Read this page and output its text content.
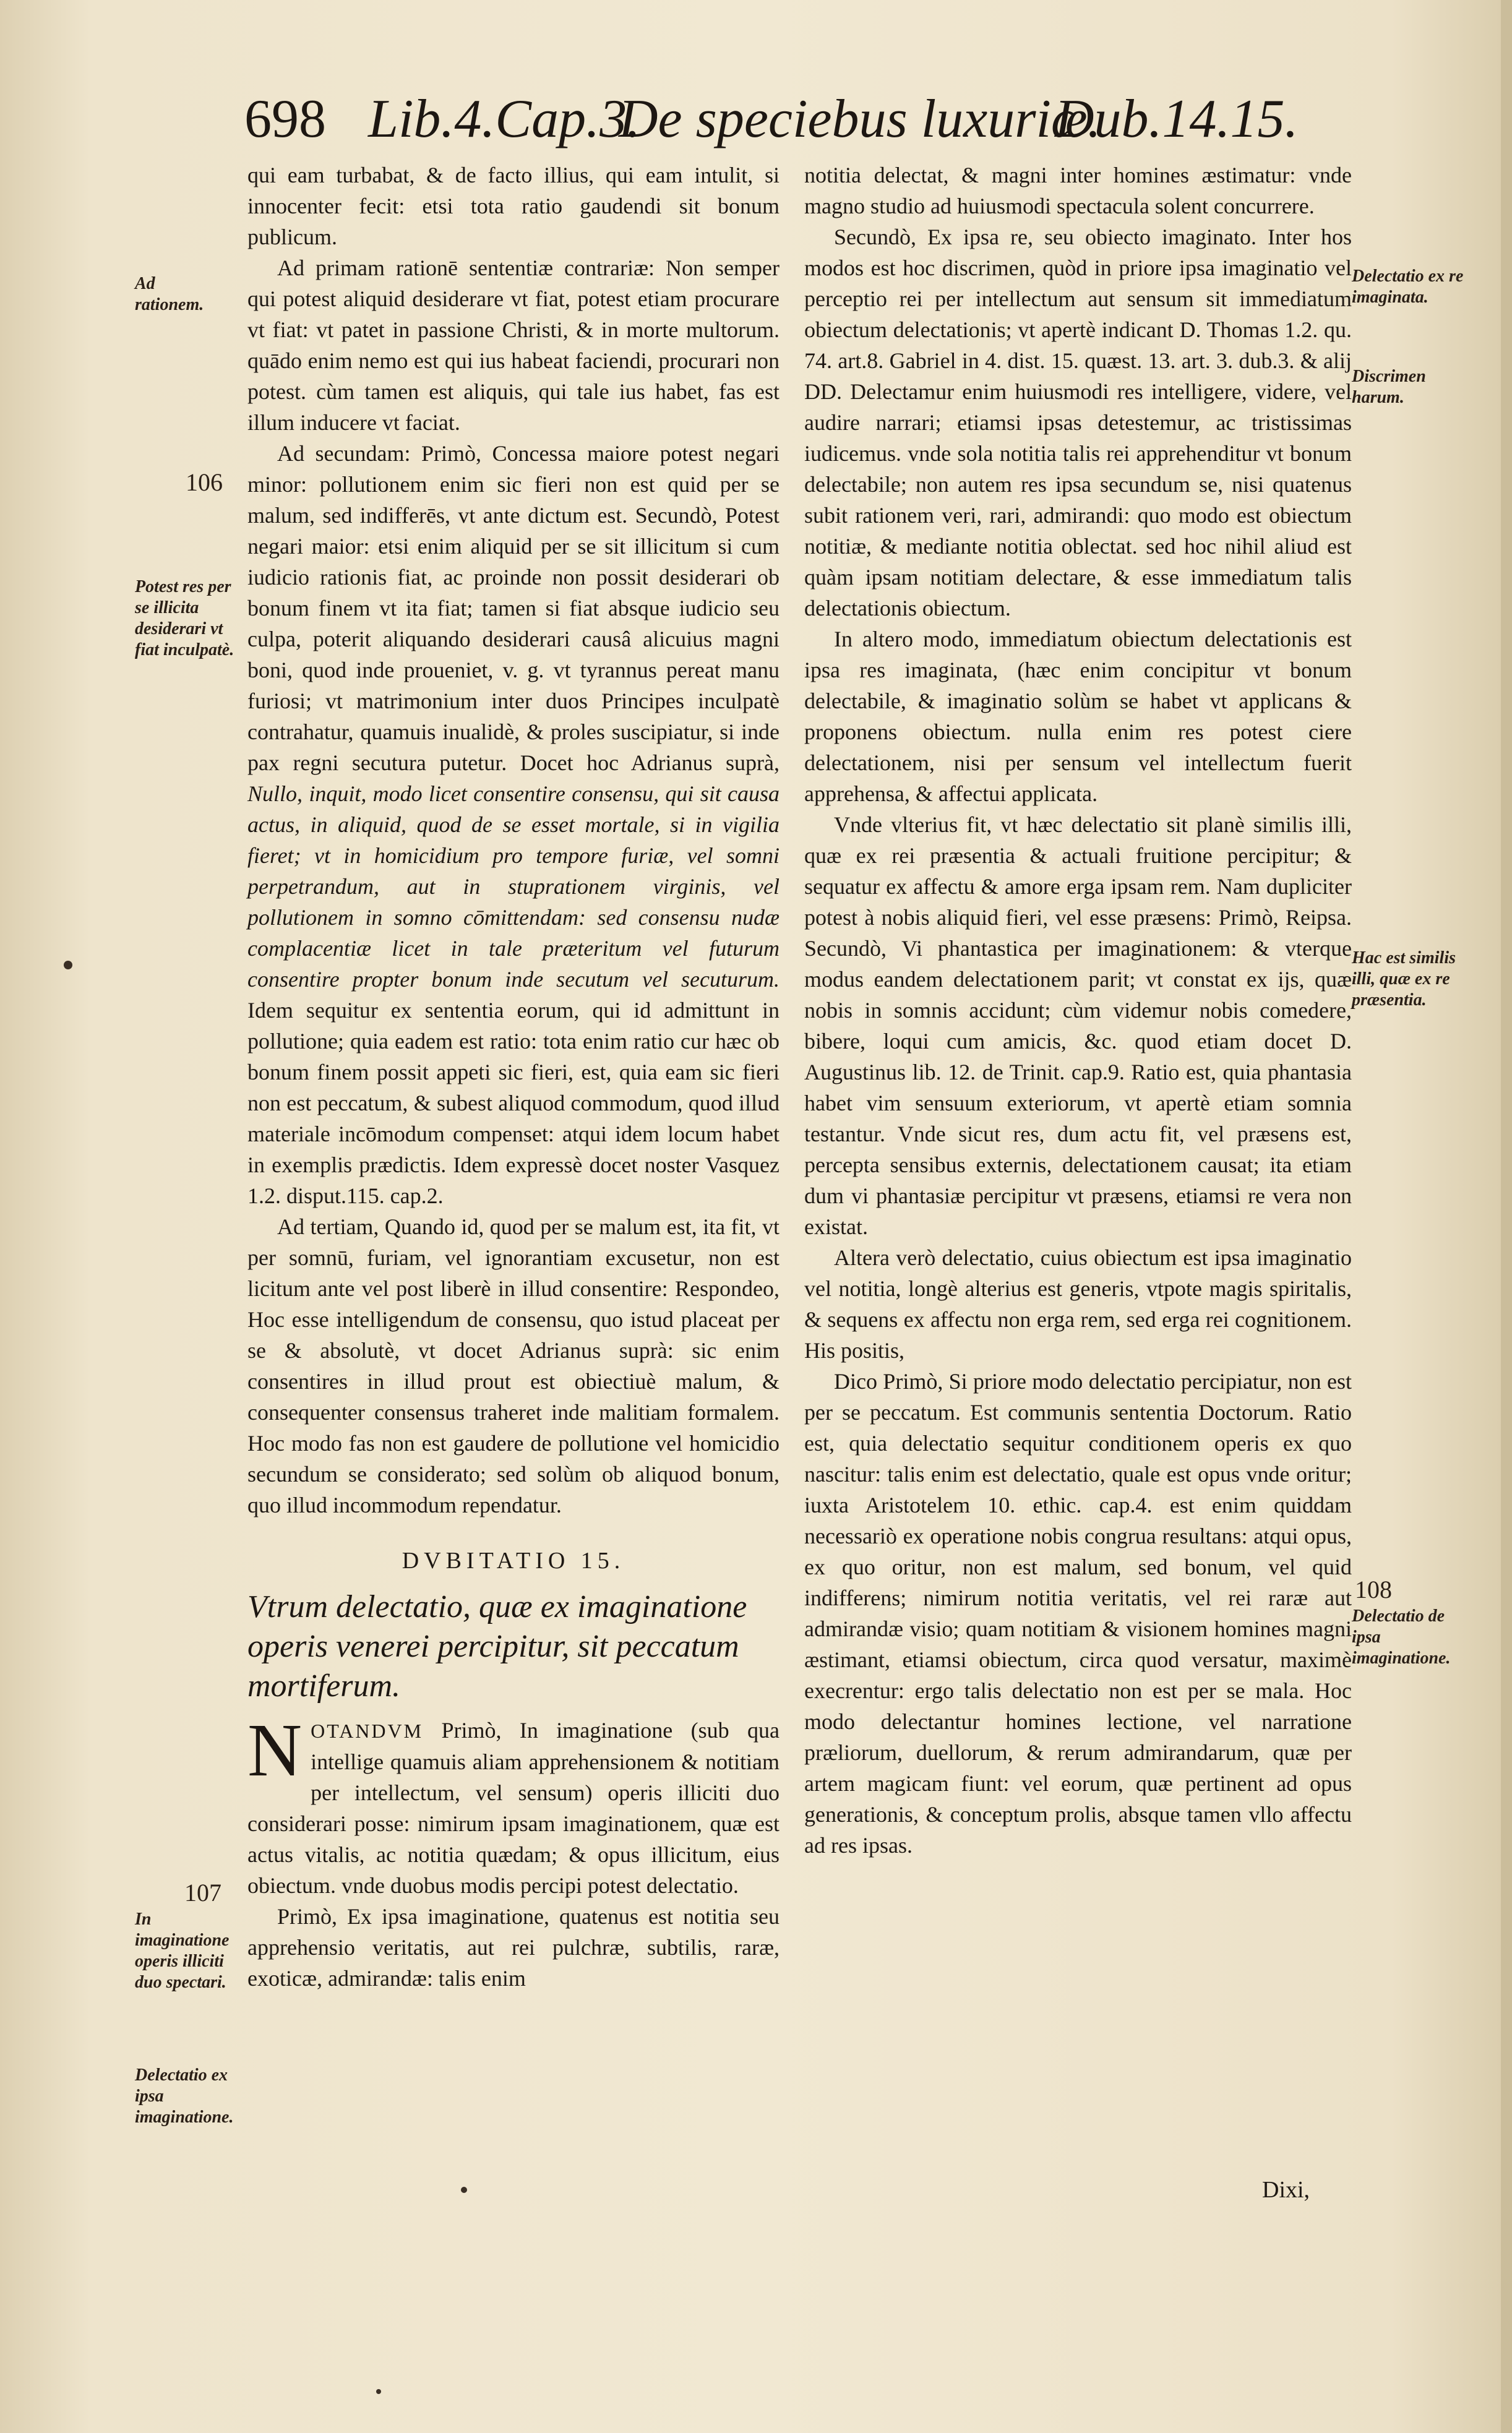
698 Lib.4.Cap.3.
De speciebus luxuriæ.
Dub.14.15.
Ad rationem.
106
Potest res per se illicita desiderari vt fiat inculpatè.
107
In imaginatione operis illiciti duo spectari.
Delectatio ex ipsa imaginatione.
Delectatio ex re imaginata.
Discrimen harum.
Hac est similis illi, quæ ex re præsentia.
108
Delectatio de ipsa imaginatione.

qui eam turbabat, & de facto illius, qui eam intulit, si innocenter fecit: etsi tota ratio gaudendi sit bonum publicum.

Ad primam rationē sententiæ contrariæ: Non semper qui potest aliquid desiderare vt fiat, potest etiam procurare vt fiat: vt patet in passione Christi, & in morte multorum. quādo enim nemo est qui ius habeat faciendi, procurari non potest. cùm tamen est aliquis, qui tale ius habet, fas est illum inducere vt faciat.

Ad secundam: Primò, Concessa maiore potest negari minor: pollutionem enim sic fieri non est quid per se malum, sed indifferēs, vt ante dictum est. Secundò, Potest negari maior: etsi enim aliquid per se sit illicitum si cum iudicio rationis fiat, ac proinde non possit desiderari ob bonum finem vt ita fiat; tamen si fiat absque iudicio seu culpa, poterit aliquando desiderari causâ alicuius magni boni, quod inde proueniet, v. g. vt tyrannus pereat manu furiosi; vt matrimonium inter duos Principes inculpatè contrahatur, quamuis inualidè, & proles suscipiatur, si inde pax regni secutura putetur. Docet hoc Adrianus suprà, Nullo, inquit, modo licet consentire consensu, qui sit causa actus, in aliquid, quod de se esset mortale, si in vigilia fieret; vt in homicidium pro tempore furiæ, vel somni perpetrandum, aut in stuprationem virginis, vel pollutionem in somno cōmittendam: sed consensu nudæ complacentiæ licet in tale præteritum vel futurum consentire propter bonum inde secutum vel secuturum. Idem sequitur ex sententia eorum, qui id admittunt in pollutione; quia eadem est ratio: tota enim ratio cur hæc ob bonum finem possit appeti sic fieri, est, quia eam sic fieri non est peccatum, & subest aliquod commodum, quod illud materiale incōmodum compenset: atqui idem locum habet in exemplis prædictis. Idem expressè docet noster Vasquez 1.2. disput.115. cap.2.

Ad tertiam, Quando id, quod per se malum est, ita fit, vt per somnū, furiam, vel ignorantiam excusetur, non est licitum ante vel post liberè in illud consentire: Respondeo, Hoc esse intelligendum de consensu, quo istud placeat per se & absolutè, vt docet Adrianus suprà: sic enim consentires in illud prout est obiectiuè malum, & consequenter consensus traheret inde malitiam formalem. Hoc modo fas non est gaudere de pollutione vel homicidio secundum se considerato; sed solùm ob aliquod bonum, quo illud incommodum rependatur.

DVBITATIO 15.

Vtrum delectatio, quæ ex imaginatione operis venerei percipitur, sit peccatum mortiferum.

NOTANDVM Primò, In imaginatione (sub qua intellige quamuis aliam apprehensionem & notitiam per intellectum, vel sensum) operis illiciti duo considerari posse: nimirum ipsam imaginationem, quæ est actus vitalis, ac notitia quædam; & opus illicitum, eius obiectum. vnde duobus modis percipi potest delectatio.

Primò, Ex ipsa imaginatione, quatenus est notitia seu apprehensio veritatis, aut rei pulchræ, subtilis, raræ, exoticæ, admirandæ: talis enim

notitia delectat, & magni inter homines æstimatur: vnde magno studio ad huiusmodi spectacula solent concurrere.

Secundò, Ex ipsa re, seu obiecto imaginato. Inter hos modos est hoc discrimen, quòd in priore ipsa imaginatio vel perceptio rei per intellectum aut sensum sit immediatum obiectum delectationis; vt apertè indicant D. Thomas 1.2. qu. 74. art.8. Gabriel in 4. dist. 15. quæst. 13. art. 3. dub.3. & alij DD. Delectamur enim huiusmodi res intelligere, videre, vel audire narrari; etiamsi ipsas detestemur, ac tristissimas iudicemus. vnde sola notitia talis rei apprehenditur vt bonum delectabile; non autem res ipsa secundum se, nisi quatenus subit rationem veri, rari, admirandi: quo modo est obiectum notitiæ, & mediante notitia oblectat. sed hoc nihil aliud est quàm ipsam notitiam delectare, & esse immediatum talis delectationis obiectum.

In altero modo, immediatum obiectum delectationis est ipsa res imaginata, (hæc enim concipitur vt bonum delectabile, & imaginatio solùm se habet vt applicans & proponens obiectum. nulla enim res potest ciere delectationem, nisi per sensum vel intellectum fuerit apprehensa, & affectui applicata.

Vnde vlterius fit, vt hæc delectatio sit planè similis illi, quæ ex rei præsentia & actuali fruitione percipitur; & sequatur ex affectu & amore erga ipsam rem. Nam dupliciter potest à nobis aliquid fieri, vel esse præsens: Primò, Reipsa. Secundò, Vi phantastica per imaginationem: & vterque modus eandem delectationem parit; vt constat ex ijs, quæ nobis in somnis accidunt; cùm videmur nobis comedere, bibere, loqui cum amicis, &c. quod etiam docet D. Augustinus lib. 12. de Trinit. cap.9. Ratio est, quia phantasia habet vim sensuum exteriorum, vt apertè etiam somnia testantur. Vnde sicut res, dum actu fit, vel præsens est, percepta sensibus externis, delectationem causat; ita etiam dum vi phantasiæ percipitur vt præsens, etiamsi re vera non existat.

Altera verò delectatio, cuius obiectum est ipsa imaginatio vel notitia, longè alterius est generis, vtpote magis spiritalis, & sequens ex affectu non erga rem, sed erga rei cognitionem. His positis,

Dico Primò, Si priore modo delectatio percipiatur, non est per se peccatum. Est communis sententia Doctorum. Ratio est, quia delectatio sequitur conditionem operis ex quo nascitur: talis enim est delectatio, quale est opus vnde oritur; iuxta Aristotelem 10. ethic. cap.4. est enim quiddam necessariò ex operatione nobis congrua resultans: atqui opus, ex quo oritur, non est malum, sed bonum, vel quid indifferens; nimirum notitia veritatis, vel rei raræ aut admirandæ visio; quam notitiam & visionem homines magni æstimant, etiamsi obiectum, circa quod versatur, maximè execrentur: ergo talis delectatio non est per se mala. Hoc modo delectantur homines lectione, vel narratione præliorum, duellorum, & rerum admirandarum, quæ per artem magicam fiunt: vel eorum, quæ pertinent ad opus generationis, & conceptum prolis, absque tamen vllo affectu ad res ipsas.

Dixi,
